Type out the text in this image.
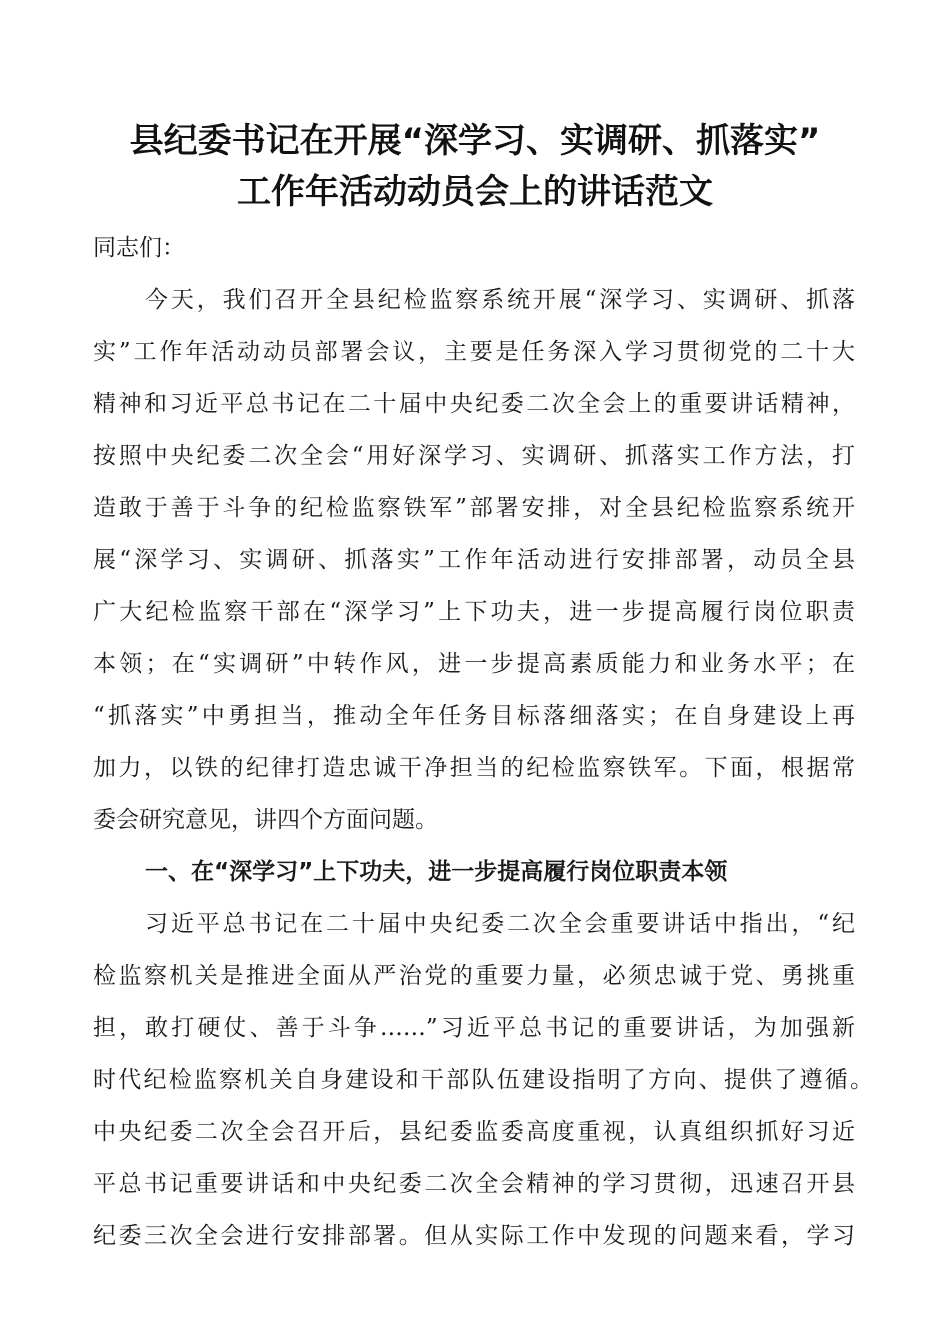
县纪委书记在开展“深学习、实调研、抓落实”
工作年活动动员会上的讲话范文
同志们：
今天，我们召开全县纪检监察系统开展“深学习、实调研、抓落
实”工作年活动动员部署会议，主要是任务深入学习贯彻党的二十大
精神和习近平总书记在二十届中央纪委二次全会上的重要讲话精神，
按照中央纪委二次全会“用好深学习、实调研、抓落实工作方法，打
造敢于善于斗争的纪检监察铁军”部署安排，对全县纪检监察系统开
展“深学习、实调研、抓落实”工作年活动进行安排部署，动员全县
广大纪检监察干部在“深学习”上下功夫，进一步提高履行岗位职责
本领；在“实调研”中转作风，进一步提高素质能力和业务水平；在
“抓落实”中勇担当，推动全年任务目标落细落实；在自身建设上再
加力，以铁的纪律打造忠诚干净担当的纪检监察铁军。下面，根据常
委会研究意见，讲四个方面问题。
一、在“深学习”上下功夫，进一步提高履行岗位职责本领
习近平总书记在二十届中央纪委二次全会重要讲话中指出，“纪
检监察机关是推进全面从严治党的重要力量，必须忠诚于党、勇挑重
担，敢打硬仗、善于斗争……”习近平总书记的重要讲话，为加强新
时代纪检监察机关自身建设和干部队伍建设指明了方向、提供了遵循。
中央纪委二次全会召开后，县纪委监委高度重视，认真组织抓好习近
平总书记重要讲话和中央纪委二次全会精神的学习贯彻，迅速召开县
纪委三次全会进行安排部署。但从实际工作中发现的问题来看，学习
